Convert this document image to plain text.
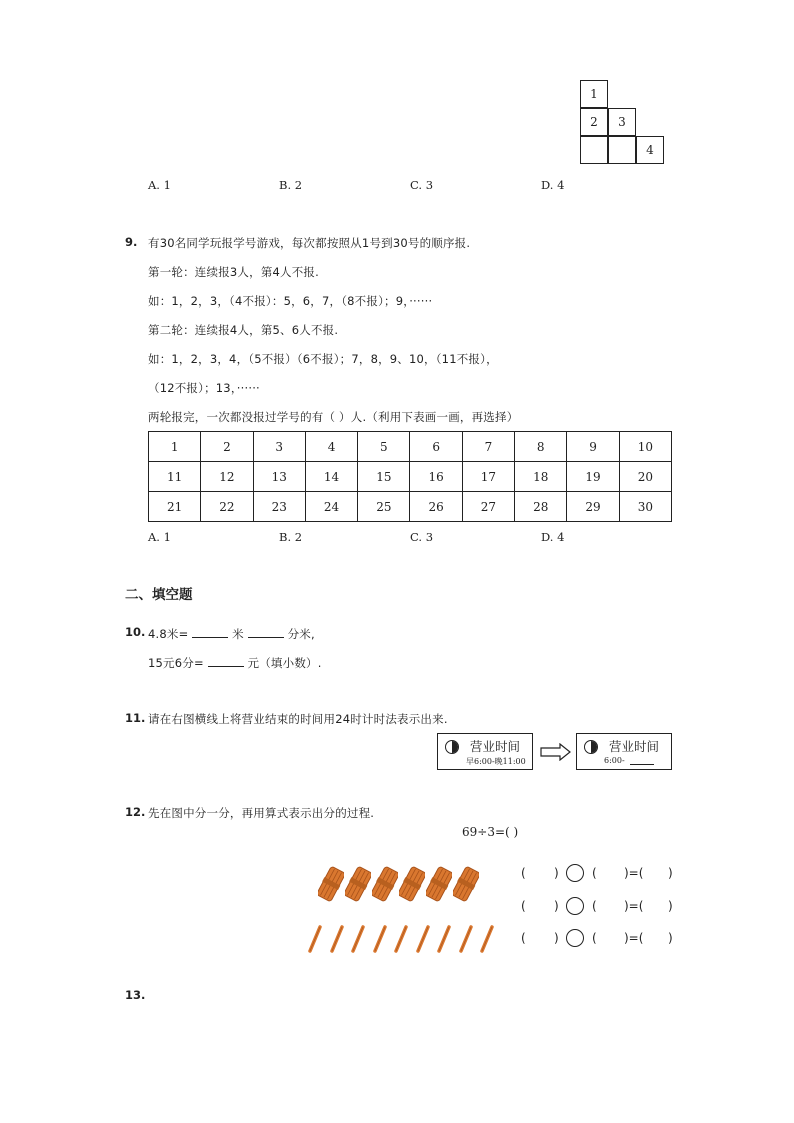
1
2	3
4
A. 1	B. 2	C. 3	D. 4
9. 有30名同学玩报学号游戏，每次都按照从1号到30号的顺序报.
第一轮：连续报3人，第4人不报.
如：1，2，3，（4不报）：5，6，7，（8不报）；9，······
第二轮：连续报4人，第5、6人不报.
如：1，2，3，4，（5不报）（6不报）；7，8，9、10，（11不报），
（12不报）；13，······
两轮报完，一次都没报过学号的有（ ）人.（利用下表画一画，再选择）
1	2	3	4	5	6	7	8	9	10
11	12	13	14	15	16	17	18	19	20
21	22	23	24	25	26	27	28	29	30
A. 1	B. 2	C. 3	D. 4
二、填空题
10. 4.8米=	米	分米,
15元6分=	元（填小数）.
11. 请在右图横线上将营业结束的时间用24时计时法表示出来.
营业时间
早6:00-晚11:00
营业时间
6:00-
12. 先在图中分一分，再用算式表示出分的过程.
69÷3=( )
( )	( )=( )
( )	( )=( )
( )	( )=( )
13.
